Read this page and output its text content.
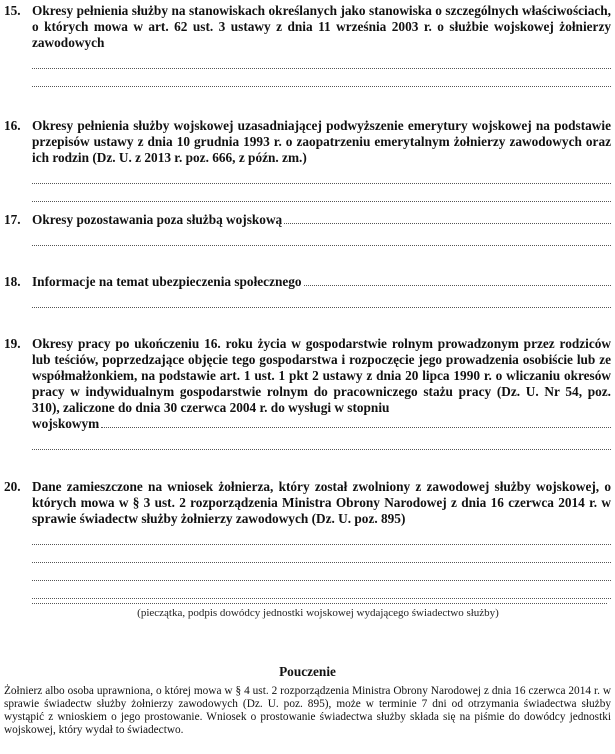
15. Okresy pełnienia służby na stanowiskach określanych jako stanowiska o szczególnych właściwościach, o których mowa w art. 62 ust. 3 ustawy z dnia 11 września 2003 r. o służbie wojskowej żołnierzy zawodowych
16. Okresy pełnienia służby wojskowej uzasadniającej podwyższenie emerytury wojskowej na podstawie przepisów ustawy z dnia 10 grudnia 1993 r. o zaopatrzeniu emerytalnym żołnierzy zawodowych oraz ich rodzin (Dz. U. z 2013 r. poz. 666, z późn. zm.)
17. Okresy pozostawania poza służbą wojskową
18. Informacje na temat ubezpieczenia społecznego
19. Okresy pracy po ukończeniu 16. roku życia w gospodarstwie rolnym prowadzonym przez rodziców lub teściów, poprzedzające objęcie tego gospodarstwa i rozpoczęcie jego prowadzenia osobiście lub ze współmałżonkiem, na podstawie art. 1 ust. 1 pkt 2 ustawy z dnia 20 lipca 1990 r. o wliczaniu okresów pracy w indywidualnym gospodarstwie rolnym do pracowniczego stażu pracy (Dz. U. Nr 54, poz. 310), zaliczone do dnia 30 czerwca 2004 r. do wysługi w stopniu
wojskowym
20. Dane zamieszczone na wniosek żołnierza, który został zwolniony z zawodowej służby wojskowej, o których mowa w § 3 ust. 2 rozporządzenia Ministra Obrony Narodowej z dnia 16 czerwca 2014 r. w sprawie świadectw służby żołnierzy zawodowych (Dz. U. poz. 895)
(pieczątka, podpis dowódcy jednostki wojskowej wydającego świadectwo służby)
Pouczenie
Żołnierz albo osoba uprawniona, o której mowa w § 4 ust. 2 rozporządzenia Ministra Obrony Narodowej z dnia 16 czerwca 2014 r. w sprawie świadectw służby żołnierzy zawodowych (Dz. U. poz. 895), może w terminie 7 dni od otrzymania świadectwa służby wystąpić z wnioskiem o jego prostowanie. Wniosek o prostowanie świadectwa służby składa się na piśmie do dowódcy jednostki wojskowej, który wydał to świadectwo.
